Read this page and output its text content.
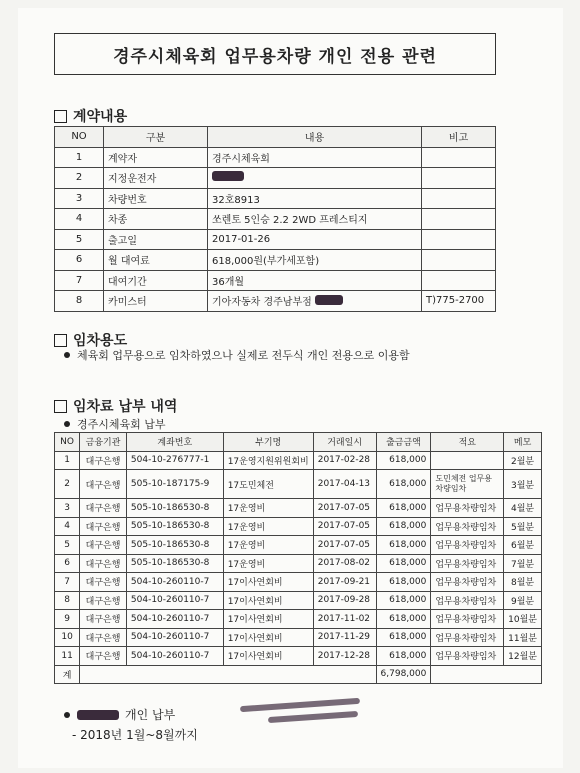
경주시체육회 업무용차량 개인 전용 관련
계약내용
NO	구분	내용	비고
1	계약자	경주시체육회	
2	지정운전자		
3	차량번호	32호8913	
4	차종	쏘렌토 5인승 2.2 2WD 프레스티지	
5	출고일	2017-01-26	
6	월 대여료	618,000원(부가세포함)	
7	대여기간	36개월	
8	카미스터	기아자동차 경주남부점	T)775-2700
임차용도
체육회 업무용으로 임차하였으나 실제로 전두식 개인 전용으로 이용함
임차료 납부 내역
경주시체육회 납부
NO	금융기관	계좌번호	부기명	거래일시	출금금액	적요	메모
1	대구은행	504-10-276777-1	17운영지원위원회비	2017-02-28	618,000		2월분
2	대구은행	505-10-187175-9	17도민체전	2017-04-13	618,000	도민체전 업무용차량임차	3월분
3	대구은행	505-10-186530-8	17운영비	2017-07-05	618,000	업무용차량임차	4월분
4	대구은행	505-10-186530-8	17운영비	2017-07-05	618,000	업무용차량임차	5월분
5	대구은행	505-10-186530-8	17운영비	2017-07-05	618,000	업무용차량임차	6월분
6	대구은행	505-10-186530-8	17운영비	2017-08-02	618,000	업무용차량임차	7월분
7	대구은행	504-10-260110-7	17이사연회비	2017-09-21	618,000	업무용차량임차	8월분
8	대구은행	504-10-260110-7	17이사연회비	2017-09-28	618,000	업무용차량임차	9월분
9	대구은행	504-10-260110-7	17이사연회비	2017-11-02	618,000	업무용차량임차	10월분
10	대구은행	504-10-260110-7	17이사연회비	2017-11-29	618,000	업무용차량임차	11월분
11	대구은행	504-10-260110-7	17이사연회비	2017-12-28	618,000	업무용차량임차	12월분
계					6,798,000		
개인 납부
- 2018년 1월~8월까지
